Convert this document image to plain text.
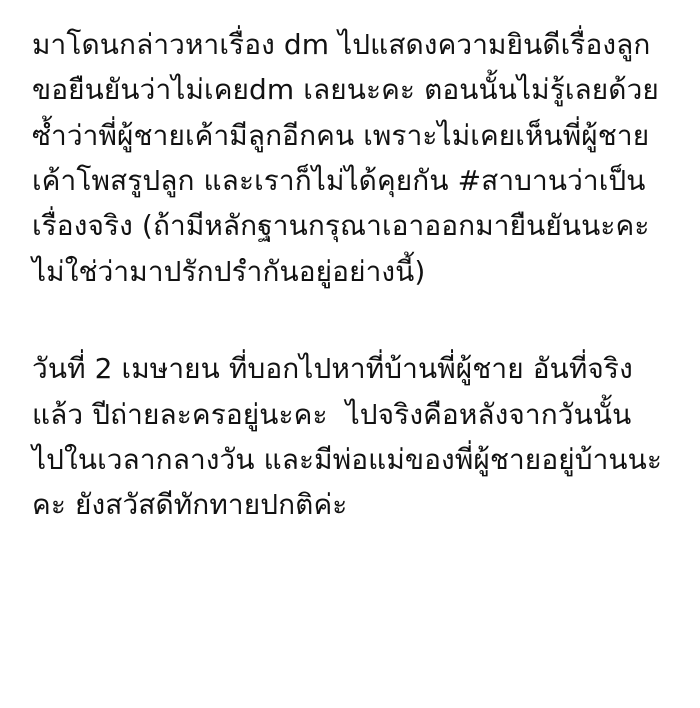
มาโดนกล่าวหาเรื่อง dm ไปแสดงความยินดีเรื่องลูก ขอยืนยันว่าไม่เคยdm เลยนะคะ ตอนนั้นไม่รู้เลยด้วยซ้ำว่าพี่ผู้ชายเค้ามีลูกอีกคน เพราะไม่เคยเห็นพี่ผู้ชายเค้าโพสรูปลูก และเราก็ไม่ได้คุยกัน #สาบานว่าเป็นเรื่องจริง (ถ้ามีหลักฐานกรุณาเอาออกมายืนยันนะคะ ไม่ใช่ว่ามาปรักปรำกันอยู่อย่างนี้)
วันที่ 2 เมษายน ที่บอกไปหาที่บ้านพี่ผู้ชาย อันที่จริงแล้ว ปีถ่ายละครอยู่นะคะ  ไปจริงคือหลังจากวันนั้น ไปในเวลากลางวัน และมีพ่อแม่ของพี่ผู้ชายอยู่บ้านนะคะ ยังสวัสดีทักทายปกติค่ะ
